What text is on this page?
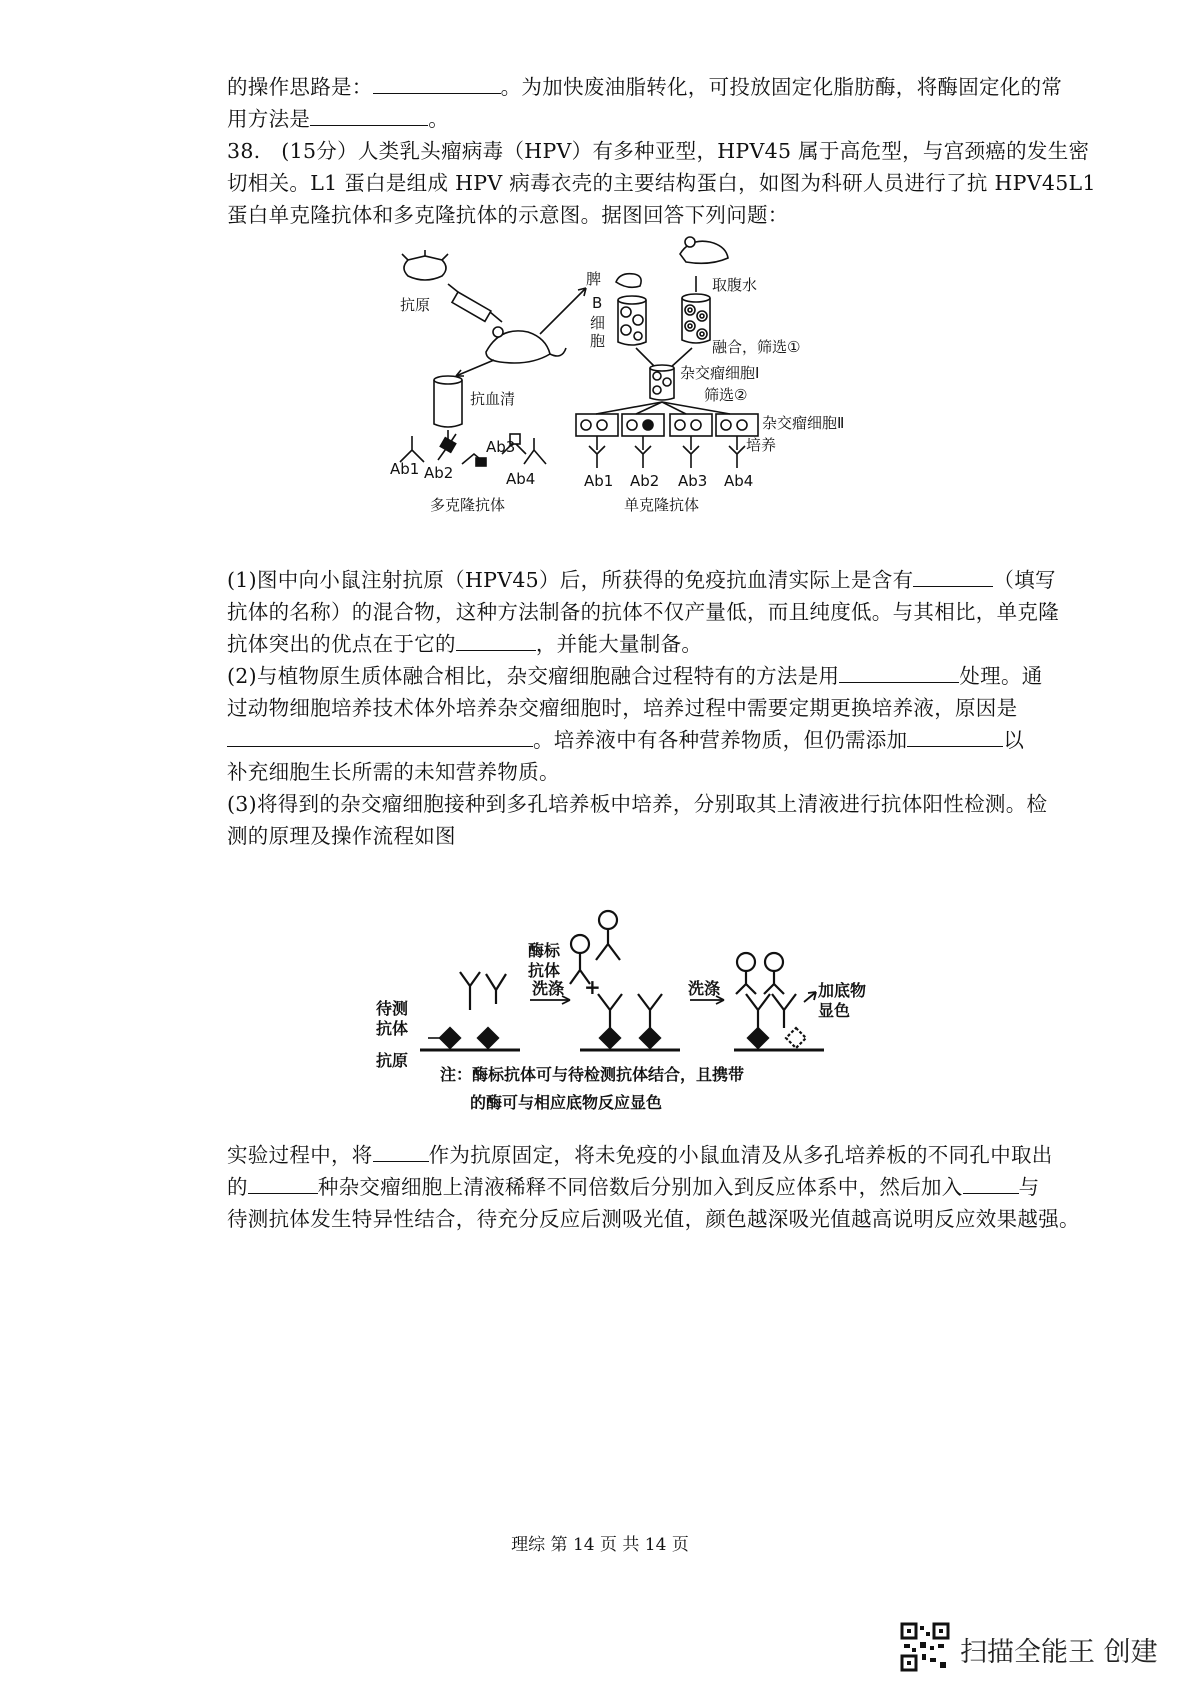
的操作思路是：	。为加快废油脂转化，可投放固定化脂肪酶，将酶固定化的常
用方法是	。
38.　(15分）人类乳头瘤病毒（HPV）有多种亚型，HPV45 属于高危型，与宫颈癌的发生密
切相关。L1 蛋白是组成 HPV 病毒衣壳的主要结构蛋白，如图为科研人员进行了抗 HPV45L1
蛋白单克隆抗体和多克隆抗体的示意图。据图回答下列问题：
抗原
脾
B
细
胞
取腹水
融合，筛选①
杂交瘤细胞Ⅰ
筛选②
杂交瘤细胞Ⅱ
培养
抗血清
Ab1 Ab2
Ab3
Ab4
多克隆抗体
Ab1 Ab2 Ab3 Ab4
单克隆抗体
(1)图中向小鼠注射抗原（HPV45）后，所获得的免疫抗血清实际上是含有	（填写
抗体的名称）的混合物，这种方法制备的抗体不仅产量低，而且纯度低。与其相比，单克隆
抗体突出的优点在于它的	，并能大量制备。
(2)与植物原生质体融合相比，杂交瘤细胞融合过程特有的方法是用	处理。通
过动物细胞培养技术体外培养杂交瘤细胞时，培养过程中需要定期更换培养液，原因是
。培养液中有各种营养物质，但仍需添加	以
补充细胞生长所需的未知营养物质。
(3)将得到的杂交瘤细胞接种到多孔培养板中培养，分别取其上清液进行抗体阳性检测。检
测的原理及操作流程如图
酶标
抗体
+
待测
抗体
抗原
洗涤	洗涤	加底物
显色
注：酶标抗体可与待检测抗体结合，且携带
的酶可与相应底物反应显色
实验过程中，将	作为抗原固定，将未免疫的小鼠血清及从多孔培养板的不同孔中取出
的	种杂交瘤细胞上清液稀释不同倍数后分别加入到反应体系中，然后加入	与
待测抗体发生特异性结合，待充分反应后测吸光值，颜色越深吸光值越高说明反应效果越强。
理综 第 14 页 共 14 页
扫描全能王 创建
